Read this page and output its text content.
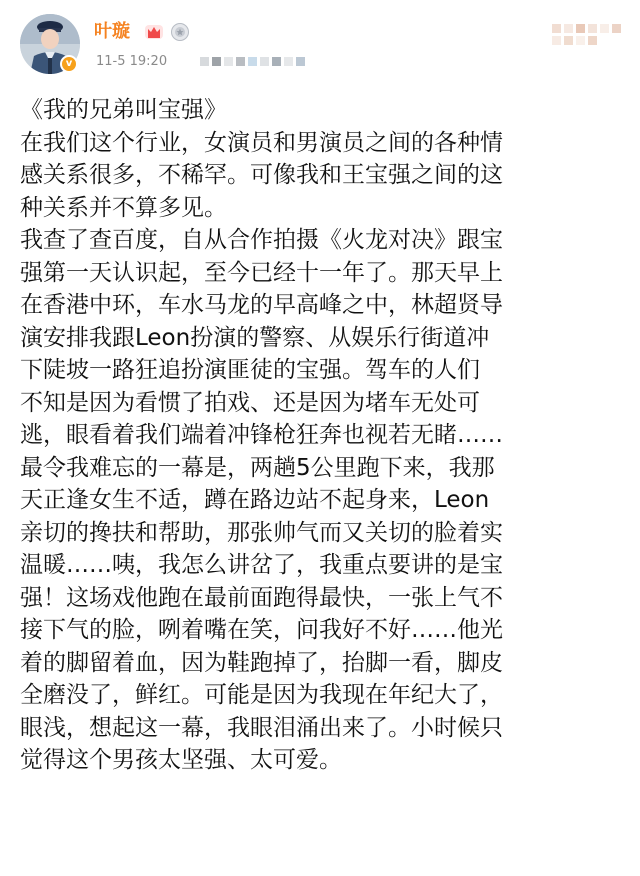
v
叶璇
11-5 19:20

《我的兄弟叫宝强》

在我们这个行业，女演员和男演员之间的各种情

感关系很多，不稀罕。可像我和王宝强之间的这

种关系并不算多见。

我查了查百度，自从合作拍摄《火龙对决》跟宝

强第一天认识起，至今已经十一年了。那天早上

在香港中环，车水马龙的早高峰之中，林超贤导

演安排我跟Leon扮演的警察、从娱乐行街道冲

下陡坡一路狂追扮演匪徒的宝强。驾车的人们

不知是因为看惯了拍戏、还是因为堵车无处可

逃，眼看着我们端着冲锋枪狂奔也视若无睹……

最令我难忘的一幕是，两趟5公里跑下来，我那

天正逢女生不适，蹲在路边站不起身来，Leon

亲切的搀扶和帮助，那张帅气而又关切的脸着实

温暖……咦，我怎么讲岔了，我重点要讲的是宝

强！这场戏他跑在最前面跑得最快，一张上气不

接下气的脸，咧着嘴在笑，问我好不好……他光

着的脚留着血，因为鞋跑掉了，抬脚一看，脚皮

全磨没了，鲜红。可能是因为我现在年纪大了，

眼浅，想起这一幕，我眼泪涌出来了。小时候只

觉得这个男孩太坚强、太可爱。
